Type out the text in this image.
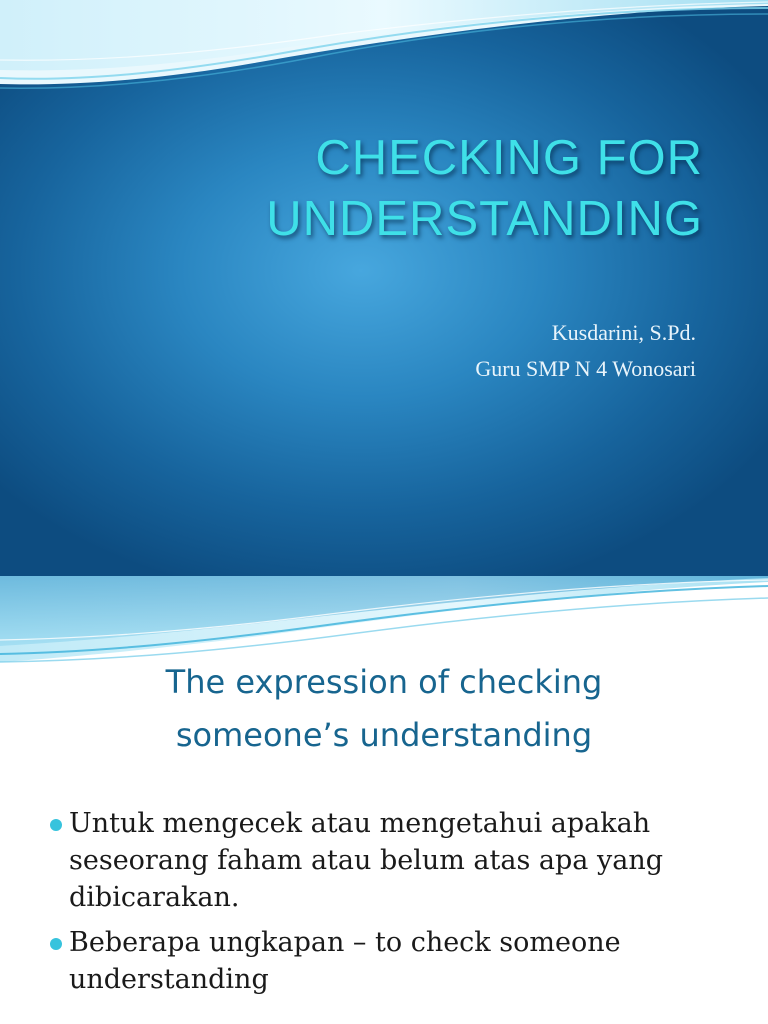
CHECKING FOR
UNDERSTANDING
Kusdarini, S.Pd.
Guru SMP N 4 Wonosari
The expression of checking
someone’s understanding
Untuk mengecek atau mengetahui apakah seseorang faham atau belum atas apa yang dibicarakan.
Beberapa ungkapan – to check someone understanding
